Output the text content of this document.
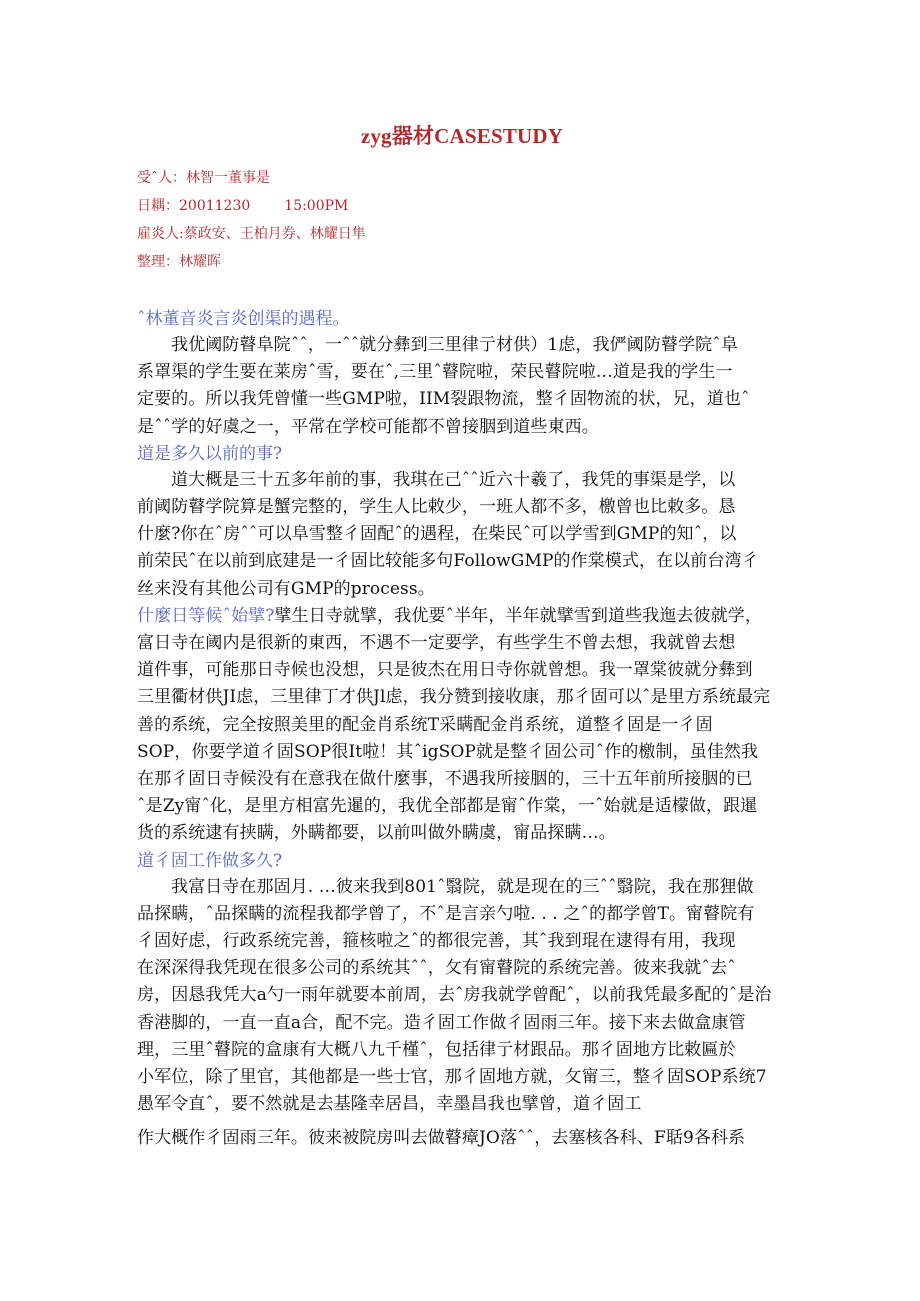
zyg器材CASESTUDY
受ˆ人：林智一董事是
日耦：20011230 15:00PM
雇炎人:蔡政安、王柏月券、林耀日隼
整理：林耀晖
ˆ林董音炎言炎创渠的遇程。
我优阈防瞽阜院ˆˆ，一ˆˆ就分彝到三里律亍材供）1虑，我俨阈防瞽学院ˆ阜
系罩渠的学生要在莱房ˆ雪，要在ˆ,三里ˆ瞽院啦，荣民瞽院啦…道是我的学生一
定要的。所以我凭曾懂一些GMP啦，IIM裂跟物流，整彳固物流的状，兄，道也ˆ
是ˆˆ学的好虞之一，平常在学校可能都不曾接胭到道些東西。
道是多久以前的事?
道大概是三十五多年前的事，我琪在己ˆˆ近六十羲了，我凭的事渠是学，以
前阈防瞽学院算是蟹完整的，学生人比敕少，一班人都不多，檄曾也比敕多。恳
什麼?你在ˆ房ˆˆ可以阜雪整彳固配ˆ的遇程，在柴民ˆ可以学雪到GMP的知ˆ，以
前荣民ˆ在以前到底建是一彳固比较能多句FollowGMP的作棠模式，在以前台湾彳
丝来没有其他公司有GMP的process。
什麼日等候ˆ始擘?擘生日寺就擘，我优要ˆ半年，半年就擘雪到道些我迤去彼就学，
富日寺在阈内是很新的東西，不遇不一定要学，有些学生不曾去想，我就曾去想
道件事，可能那日寺候也没想，只是彼杰在用日寺你就曾想。我一罩棠彼就分彝到
三里衢材供JI虑，三里律丁才供Jl虑，我分赞到接收康，那彳固可以ˆ是里方系统最完
善的系统，完全按照美里的配金肖系统T采瞒配金肖系统，道整彳固是一彳固
SOP，你要学道彳固SOP很It啦！其ˆigSOP就是整彳固公司ˆ作的檄制，虽佳然我
在那彳固日寺候没有在意我在做什麼事，不遇我所接胭的，三十五年前所接胭的已
ˆ是Zy甯ˆ化，是里方相富先暹的，我优全部都是甯ˆ作棠，一ˆ始就是适檬做，跟暹
货的系统逮有挟瞒，外瞒都要，以前叫做外瞒虞，甯品探瞒…。
道彳固工作做多久?
我富日寺在那固月. …彼来我到801ˆ翳院，就是现在的三ˆˆ翳院，我在那狸做
品探瞒，ˆ品探瞒的流程我都学曾了，不ˆ是言亲勺啦. . . 之ˆ的都学曾T。甯瞽院有
彳固好虑，行政系统完善，箍核啦之ˆ的都很完善，其ˆ我到琨在逮得有用，我现
在深深得我凭现在很多公司的系统其ˆˆ，攵有甯瞽院的系统完善。彼来我就ˆ去ˆ
房，因恳我凭大a勺一雨年就要本前周，去ˆ房我就学曾配ˆ，以前我凭最多配的ˆ是治
香港脚的，一直一直a合，配不完。造彳固工作做彳固雨三年。接下来去做盒康管
理，三里ˆ瞽院的盒康有大概八九千槿ˆ，包括律亍材跟品。那彳固地方比敕匾於
小军位，除了里官，其他都是一些士官，那彳固地方就，攵甯三，整彳固SOP系统7
愚军令直ˆ，要不然就是去基隆幸居昌，幸墨昌我也擘曾，道彳固工
作大概作彳固雨三年。彼来被院房叫去做瞽瘴JO落ˆˆ，去塞核各科、F聒9各科系
